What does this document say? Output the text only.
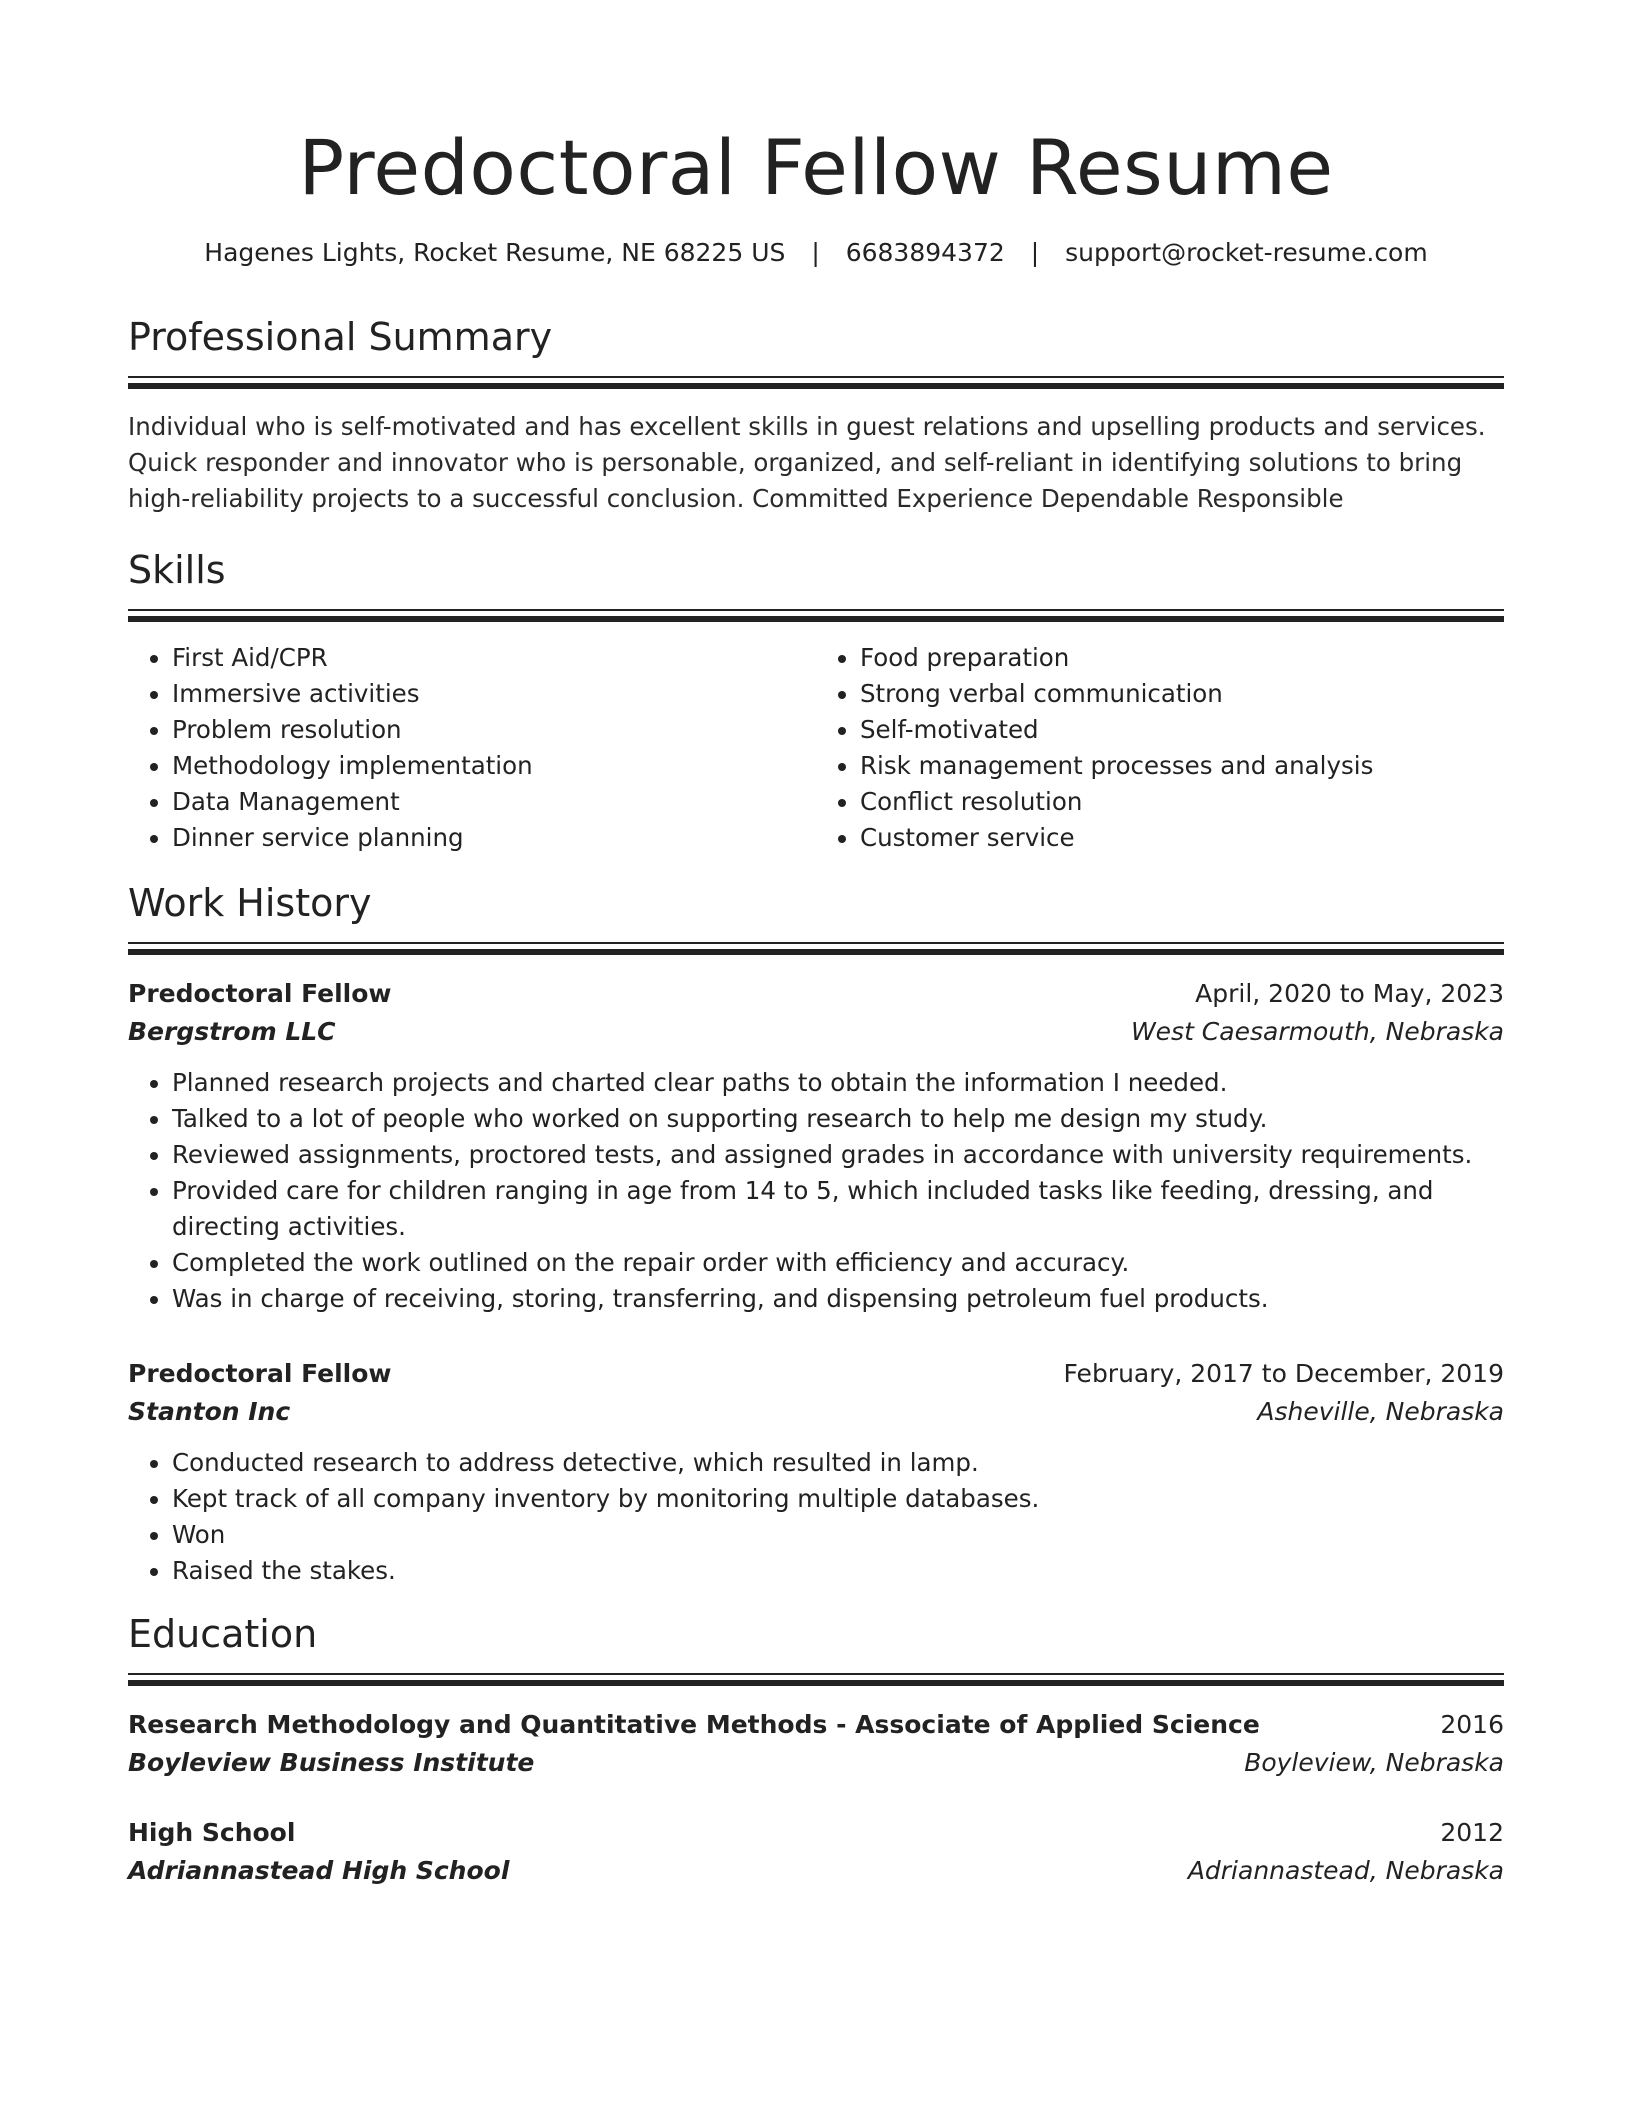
Predoctoral Fellow Resume
Hagenes Lights, Rocket Resume, NE 68225 US | 6683894372 | support@rocket-resume.com
Professional Summary

Individual who is self-motivated and has excellent skills in guest relations and upselling products and services. Quick responder and innovator who is personable, organized, and self-reliant in identifying solutions to bring high-reliability projects to a successful conclusion. Committed Experience Dependable Responsible

Skills
• First Aid/CPR
• Immersive activities
• Problem resolution
• Methodology implementation
• Data Management
• Dinner service planning
• Food preparation
• Strong verbal communication
• Self-motivated
• Risk management processes and analysis
• Conflict resolution
• Customer service
Work History
Predoctoral Fellow	April, 2020 to May, 2023
Bergstrom LLC	West Caesarmouth, Nebraska
• Planned research projects and charted clear paths to obtain the information I needed.
• Talked to a lot of people who worked on supporting research to help me design my study.
• Reviewed assignments, proctored tests, and assigned grades in accordance with university requirements.
• Provided care for children ranging in age from 14 to 5, which included tasks like feeding, dressing, and directing activities.
• Completed the work outlined on the repair order with efficiency and accuracy.
• Was in charge of receiving, storing, transferring, and dispensing petroleum fuel products.
Predoctoral Fellow	February, 2017 to December, 2019
Stanton Inc	Asheville, Nebraska
• Conducted research to address detective, which resulted in lamp.
• Kept track of all company inventory by monitoring multiple databases.
• Won
• Raised the stakes.
Education
Research Methodology and Quantitative Methods - Associate of Applied Science	2016
Boyleview Business Institute	Boyleview, Nebraska
High School	2012
Adriannastead High School	Adriannastead, Nebraska
